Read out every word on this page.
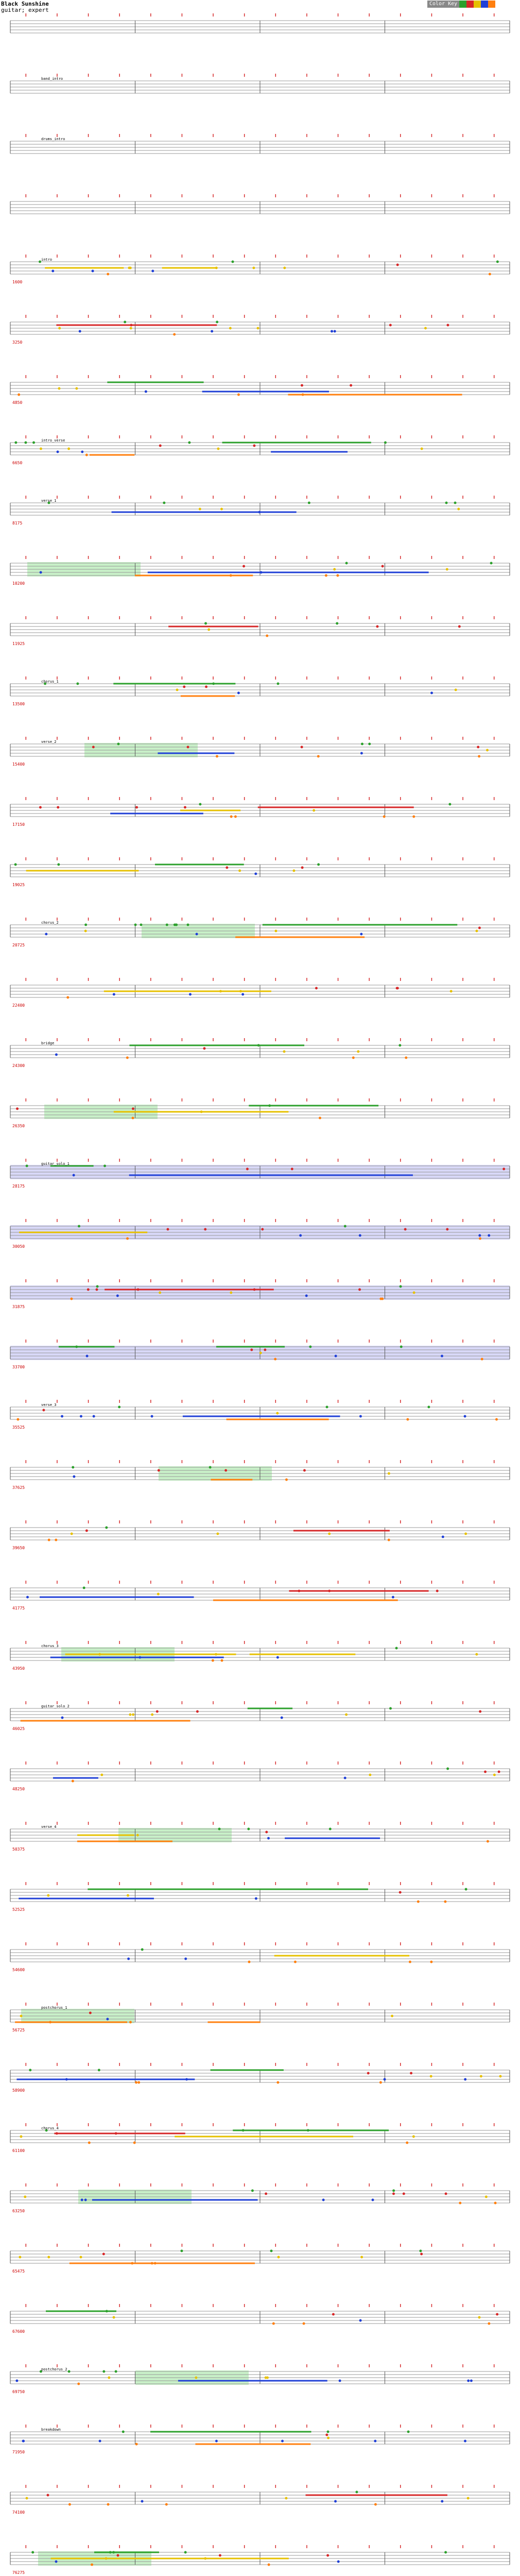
Black Sunshine
guitar; expert
Color Key
band_intro
drums_intro
intro
1600
3250
4850
intro_verse
6650
verse_1
8175
10200
11925
chorus_1
13500
verse_2
15400
17150
19025
chorus_2
20725
22400
bridge
24300
26350
guitar_solo_1
28175
30050
31875
33700
verse_3
35525
37625
39650
41775
chorus_3
43950
guitar_solo_2
46025
48250
verse_4
50375
52525
54600
postchorus_1
56725
58900
chorus_4
61100
63250
65475
67600
postchorus_2
69750
breakdown
71950
74100
76275
